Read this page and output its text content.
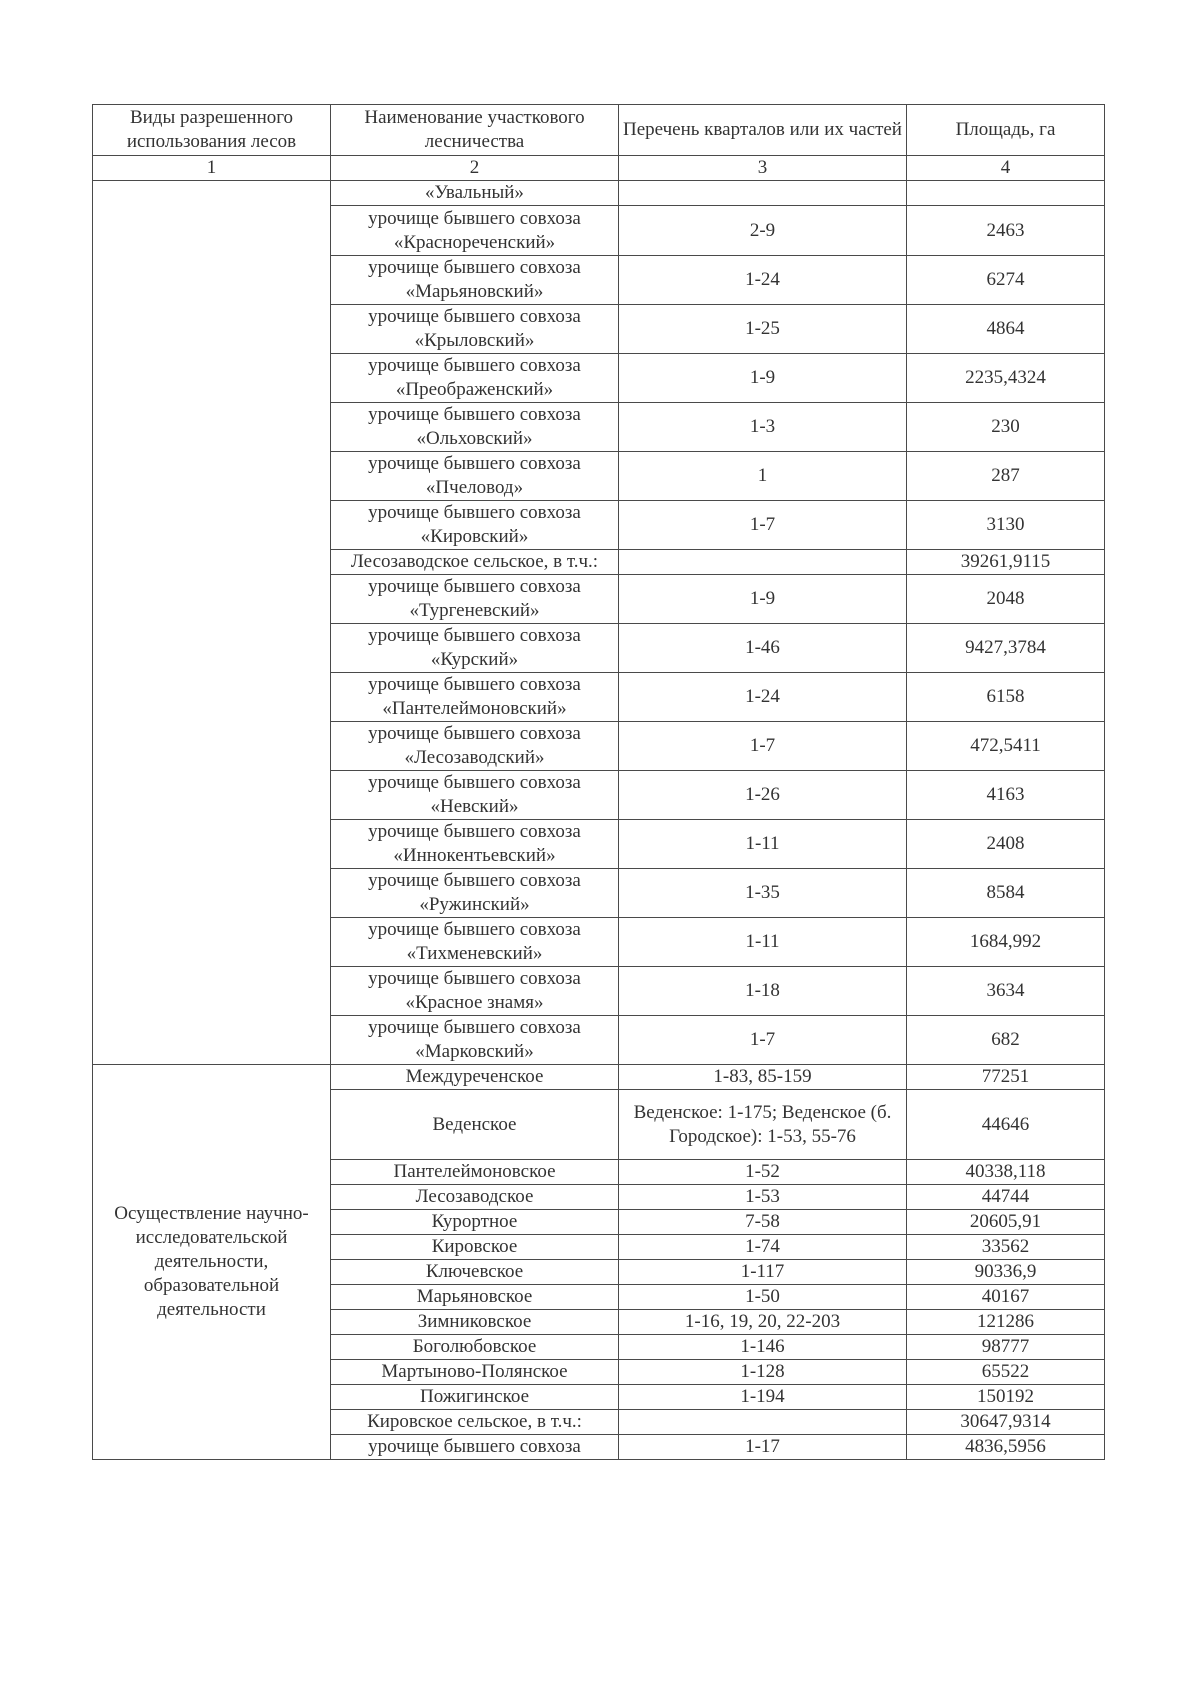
Виды разрешенного использования лесов	Наименование участкового лесничества	Перечень кварталов или их частей	Площадь, га
1	2	3	4
	«Увальный»		
	урочище бывшего совхоза «Краснореченский»	2-9	2463
	урочище бывшего совхоза «Марьяновский»	1-24	6274
	урочище бывшего совхоза «Крыловский»	1-25	4864
	урочище бывшего совхоза «Преображенский»	1-9	2235,4324
	урочище бывшего совхоза «Ольховский»	1-3	230
	урочище бывшего совхоза «Пчеловод»	1	287
	урочище бывшего совхоза «Кировский»	1-7	3130
	Лесозаводское сельское, в т.ч.:		39261,9115
	урочище бывшего совхоза «Тургеневский»	1-9	2048
	урочище бывшего совхоза «Курский»	1-46	9427,3784
	урочище бывшего совхоза «Пантелеймоновский»	1-24	6158
	урочище бывшего совхоза «Лесозаводский»	1-7	472,5411
	урочище бывшего совхоза «Невский»	1-26	4163
	урочище бывшего совхоза «Иннокентьевский»	1-11	2408
	урочище бывшего совхоза «Ружинский»	1-35	8584
	урочище бывшего совхоза «Тихменевский»	1-11	1684,992
	урочище бывшего совхоза «Красное знамя»	1-18	3634
	урочище бывшего совхоза «Марковский»	1-7	682
Осуществление научно-исследовательской деятельности, образовательной деятельности	Междуреченское	1-83, 85-159	77251
	Веденское	Веденское: 1-175; Веденское (б. Городское): 1-53, 55-76	44646
	Пантелеймоновское	1-52	40338,118
	Лесозаводское	1-53	44744
	Курортное	7-58	20605,91
	Кировское	1-74	33562
	Ключевское	1-117	90336,9
	Марьяновское	1-50	40167
	Зимниковское	1-16, 19, 20, 22-203	121286
	Боголюбовское	1-146	98777
	Мартыново-Полянское	1-128	65522
	Пожигинское	1-194	150192
	Кировское сельское, в т.ч.:		30647,9314
	урочище бывшего совхоза	1-17	4836,5956
